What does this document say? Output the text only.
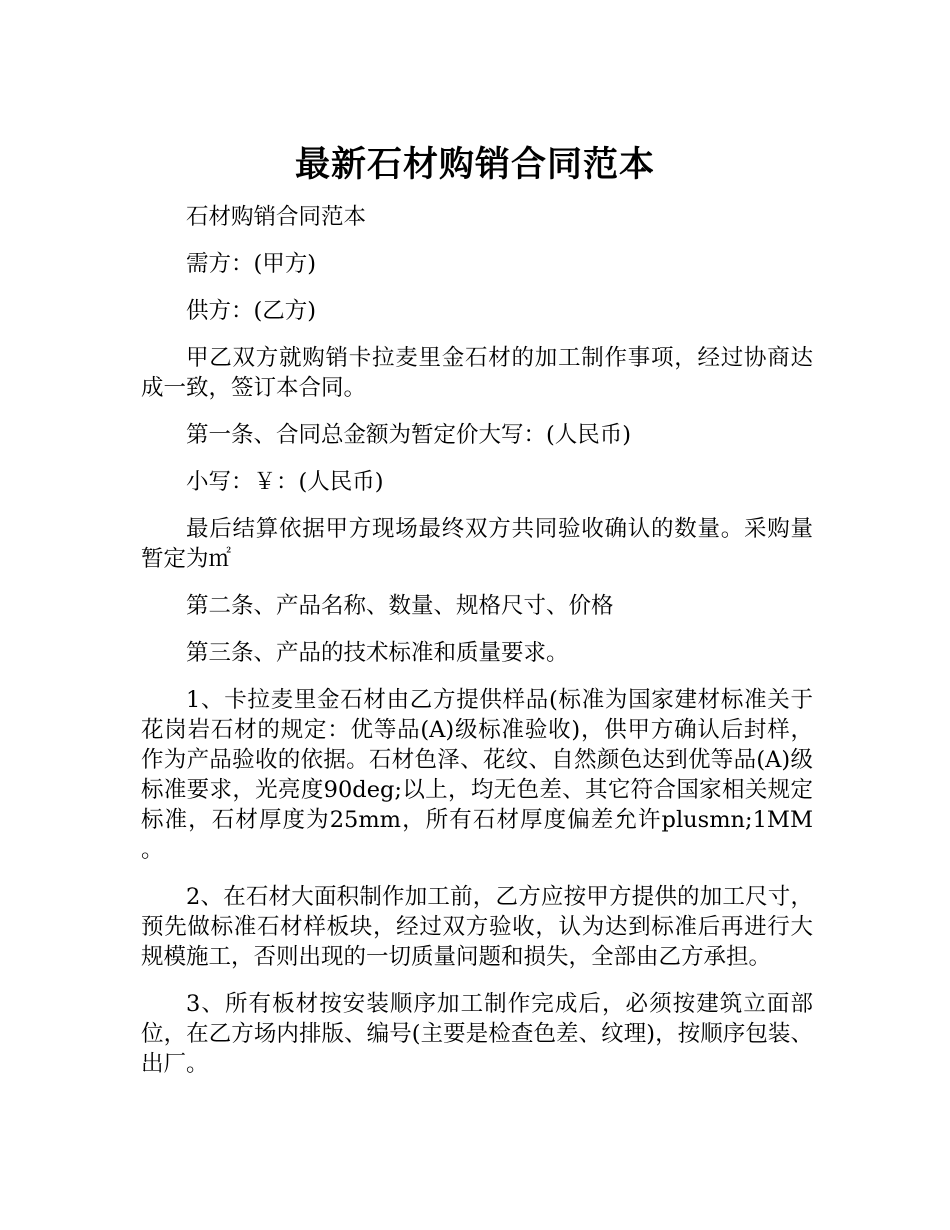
最新石材购销合同范本

石材购销合同范本

需方：(甲方)

供方：(乙方)

甲乙双方就购销卡拉麦里金石材的加工制作事项，经过协商达成一致，签订本合同。

第一条、合同总金额为暂定价大写：(人民币)

小写：￥：(人民币)

最后结算依据甲方现场最终双方共同验收确认的数量。采购量暂定为㎡

第二条、产品名称、数量、规格尺寸、价格

第三条、产品的技术标准和质量要求。

1、卡拉麦里金石材由乙方提供样品(标准为国家建材标准关于花岗岩石材的规定：优等品(A)级标准验收)，供甲方确认后封样，作为产品验收的依据。石材色泽、花纹、自然颜色达到优等品(A)级标准要求，光亮度90deg;以上，均无色差、其它符合国家相关规定标准，石材厚度为25mm，所有石材厚度偏差允许plusmn;1MM 。

2、在石材大面积制作加工前，乙方应按甲方提供的加工尺寸，预先做标准石材样板块，经过双方验收，认为达到标准后再进行大规模施工，否则出现的一切质量问题和损失，全部由乙方承担。

3、所有板材按安装顺序加工制作完成后，必须按建筑立面部位，在乙方场内排版、编号(主要是检查色差、纹理)，按顺序包装、出厂。
